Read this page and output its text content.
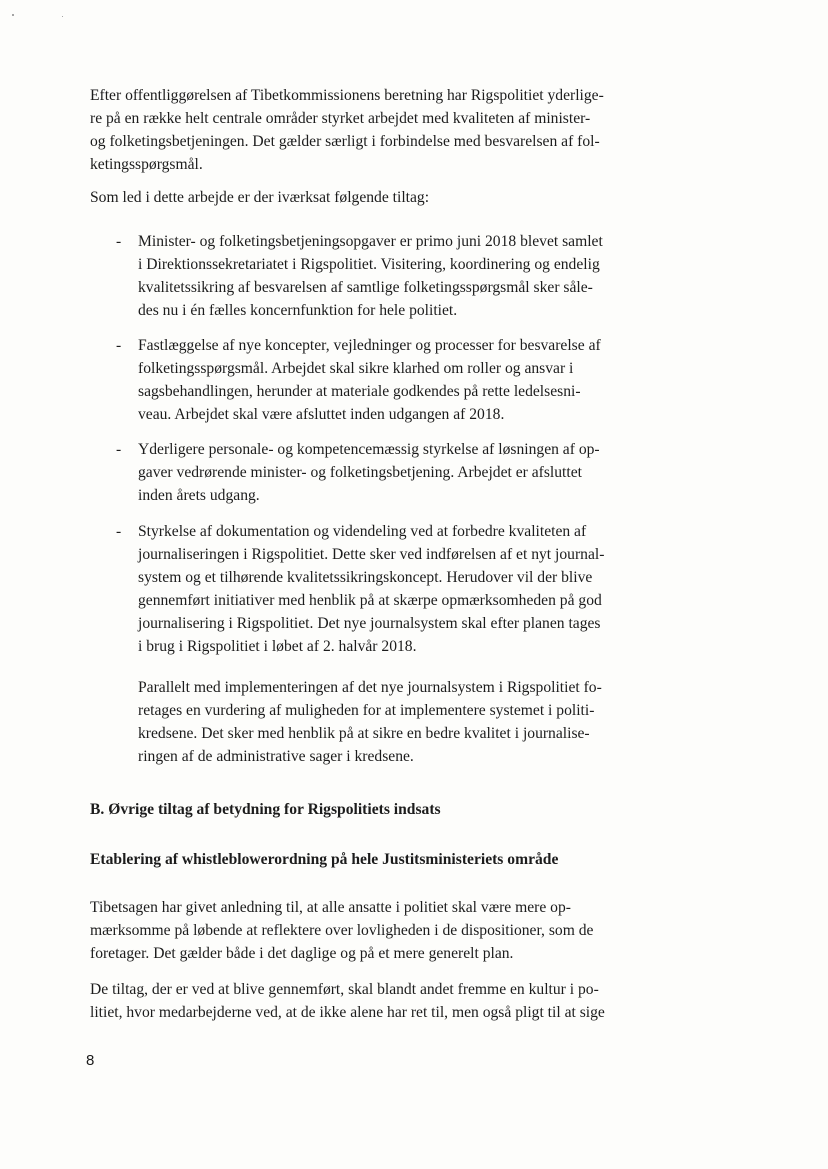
Efter offentliggørelsen af Tibetkommissionens beretning har Rigspolitiet yderlige-
re på en række helt centrale områder styrket arbejdet med kvaliteten af minister-
og folketingsbetjeningen. Det gælder særligt i forbindelse med besvarelsen af fol-
ketingsspørgsmål.

Som led i dette arbejde er der iværksat følgende tiltag:

-	Minister- og folketingsbetjeningsopgaver er primo juni 2018 blevet samlet
i Direktionssekretariatet i Rigspolitiet. Visitering, koordinering og endelig
kvalitetssikring af besvarelsen af samtlige folketingsspørgsmål sker såle-
des nu i én fælles koncernfunktion for hele politiet.

-	Fastlæggelse af nye koncepter, vejledninger og processer for besvarelse af
folketingsspørgsmål. Arbejdet skal sikre klarhed om roller og ansvar i
sagsbehandlingen, herunder at materiale godkendes på rette ledelsesni-
veau. Arbejdet skal være afsluttet inden udgangen af 2018.

-	Yderligere personale- og kompetencemæssig styrkelse af løsningen af op-
gaver vedrørende minister- og folketingsbetjening. Arbejdet er afsluttet
inden årets udgang.

-	Styrkelse af dokumentation og videndeling ved at forbedre kvaliteten af
journaliseringen i Rigspolitiet. Dette sker ved indførelsen af et nyt journal-
system og et tilhørende kvalitetssikringskoncept. Herudover vil der blive
gennemført initiativer med henblik på at skærpe opmærksomheden på god
journalisering i Rigspolitiet. Det nye journalsystem skal efter planen tages
i brug i Rigspolitiet i løbet af 2. halvår 2018.

Parallelt med implementeringen af det nye journalsystem i Rigspolitiet fo-
retages en vurdering af muligheden for at implementere systemet i politi-
kredsene. Det sker med henblik på at sikre en bedre kvalitet i journalise-
ringen af de administrative sager i kredsene.

B. Øvrige tiltag af betydning for Rigspolitiets indsats

Etablering af whistleblowerordning på hele Justitsministeriets område

Tibetsagen har givet anledning til, at alle ansatte i politiet skal være mere op-
mærksomme på løbende at reflektere over lovligheden i de dispositioner, som de
foretager. Det gælder både i det daglige og på et mere generelt plan.

De tiltag, der er ved at blive gennemført, skal blandt andet fremme en kultur i po-
litiet, hvor medarbejderne ved, at de ikke alene har ret til, men også pligt til at sige

8
